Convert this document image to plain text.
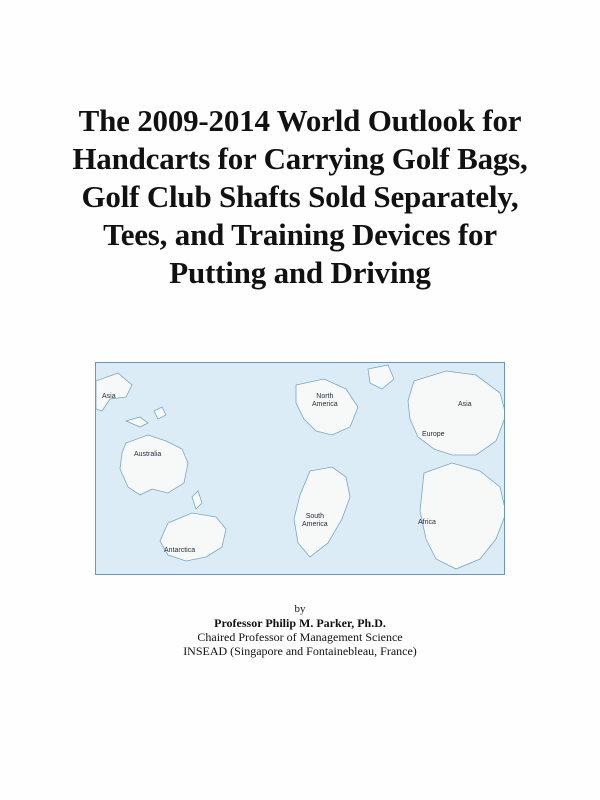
The 2009-2014 World Outlook for
Handcarts for Carrying Golf Bags,
Golf Club Shafts Sold Separately,
Tees, and Training Devices for
Putting and Driving
Asia
Australia
Antarctica
North
America
South
America
Asia
Europe
Africa
by
Professor Philip M. Parker, Ph.D.
Chaired Professor of Management Science
INSEAD (Singapore and Fontainebleau, France)
